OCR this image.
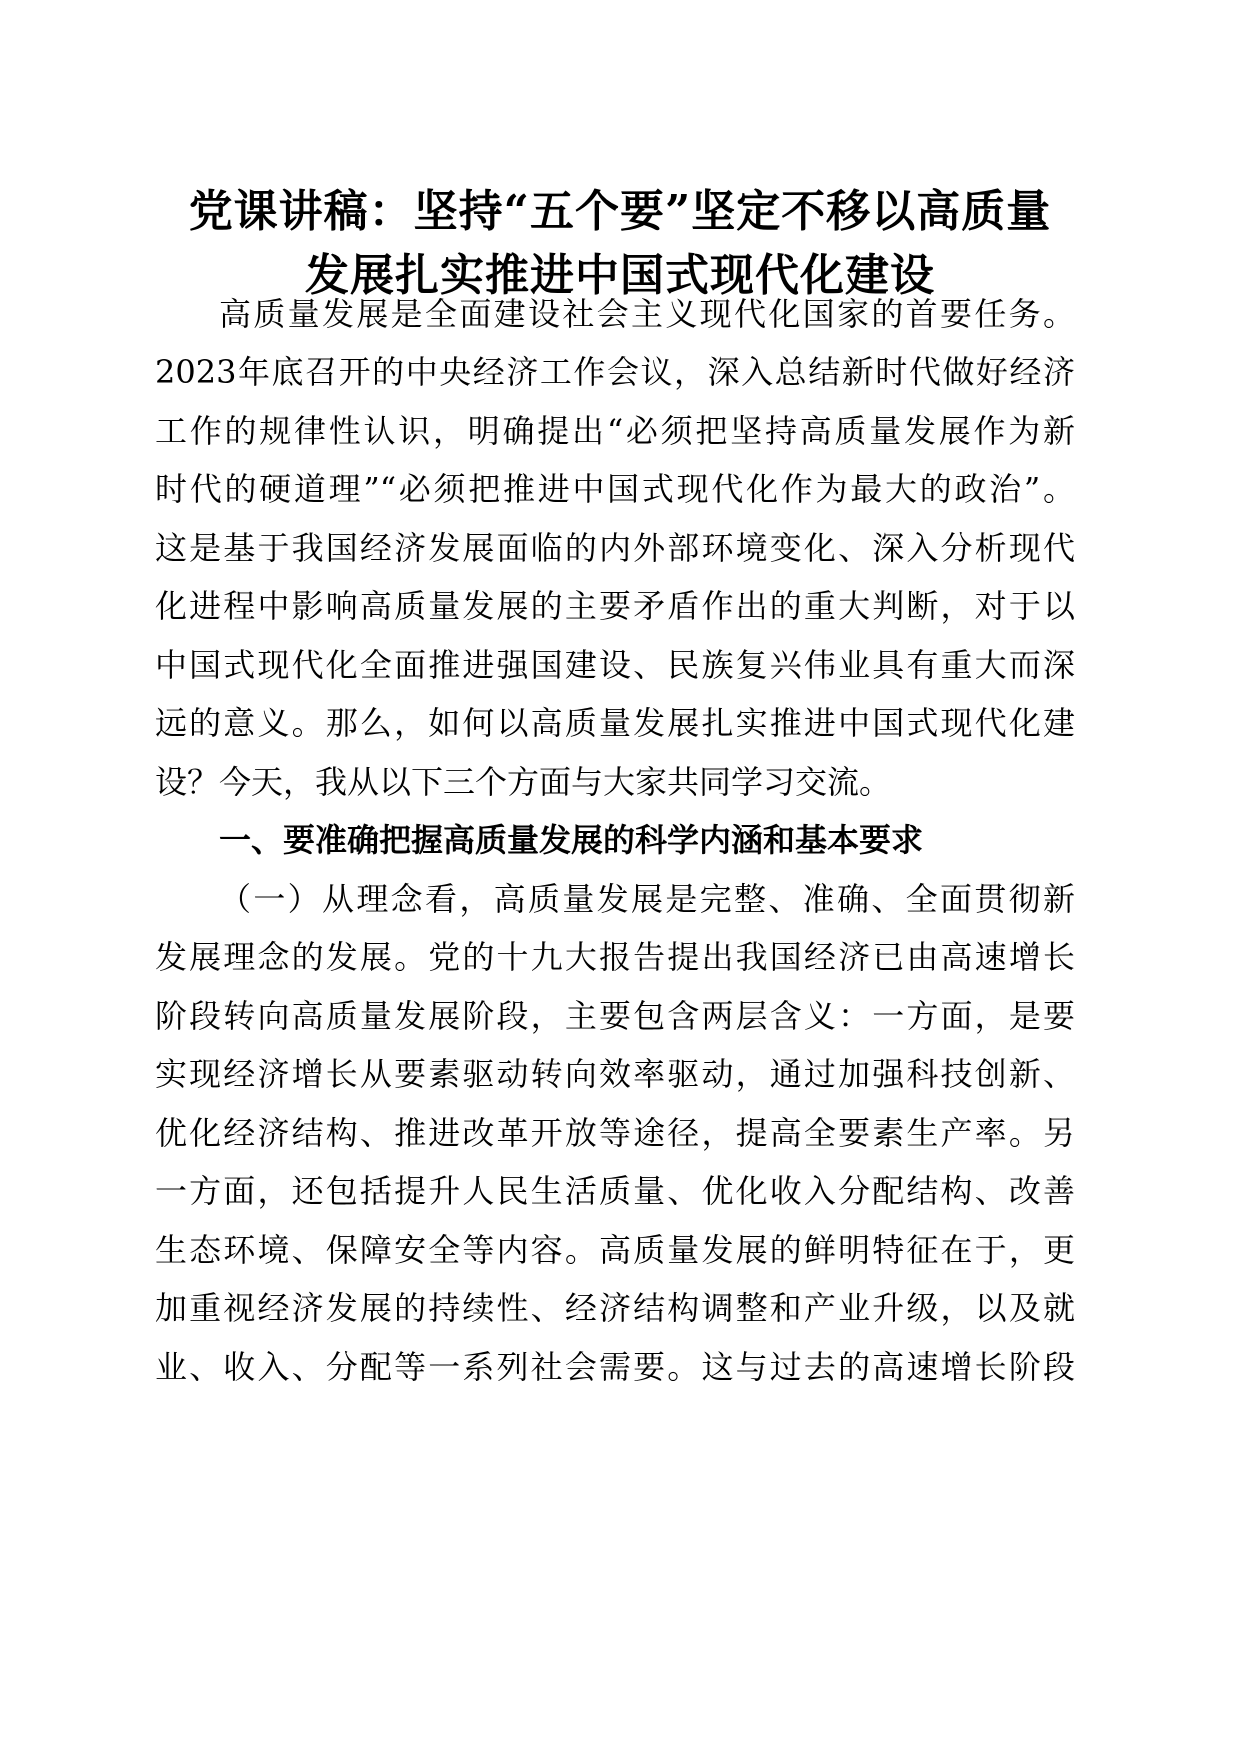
党课讲稿：坚持“五个要”坚定不移以高质量
发展扎实推进中国式现代化建设
高质量发展是全面建设社会主义现代化国家的首要任务。
2023年底召开的中央经济工作会议，深入总结新时代做好经济
工作的规律性认识，明确提出“必须把坚持高质量发展作为新
时代的硬道理”“必须把推进中国式现代化作为最大的政治”。
这是基于我国经济发展面临的内外部环境变化、深入分析现代
化进程中影响高质量发展的主要矛盾作出的重大判断，对于以
中国式现代化全面推进强国建设、民族复兴伟业具有重大而深
远的意义。那么，如何以高质量发展扎实推进中国式现代化建
设？今天，我从以下三个方面与大家共同学习交流。
一、要准确把握高质量发展的科学内涵和基本要求
（一）从理念看，高质量发展是完整、准确、全面贯彻新
发展理念的发展。党的十九大报告提出我国经济已由高速增长
阶段转向高质量发展阶段，主要包含两层含义：一方面，是要
实现经济增长从要素驱动转向效率驱动，通过加强科技创新、
优化经济结构、推进改革开放等途径，提高全要素生产率。另
一方面，还包括提升人民生活质量、优化收入分配结构、改善
生态环境、保障安全等内容。高质量发展的鲜明特征在于，更
加重视经济发展的持续性、经济结构调整和产业升级，以及就
业、收入、分配等一系列社会需要。这与过去的高速增长阶段
